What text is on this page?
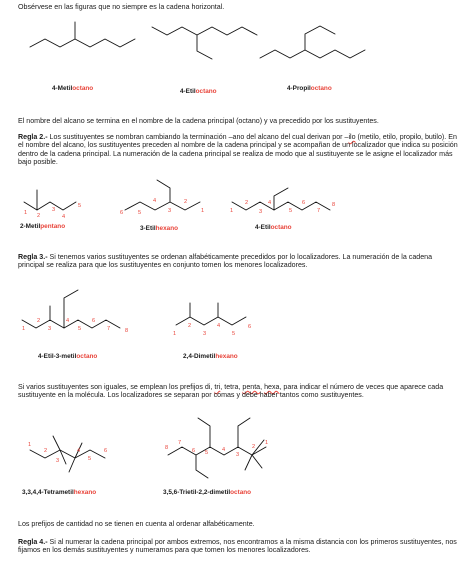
Obsérvese en las figuras que no siempre es la cadena horizontal.

4-Metiloctano	4-Etiloctano	4-Propiloctano

El nombre del alcano se termina en el nombre de la cadena principal (octano) y va precedido por los sustituyentes.

Regla 2.- Los sustituyentes se nombran cambiando la terminación –ano del alcano del cual derivan por –ilo (metilo, etilo, propilo, butilo). En el nombre del alcano, los sustituyentes preceden al nombre de la cadena principal y se acompañan de un localizador que indica su posición dentro de la cadena principal. La numeración de la cadena principal se realiza de modo que al sustituyente se le asigne el localizador más bajo posible.

1 2
3
4
5
6	5
4
3
2
1	1
2
3
4
5
6
7
8
2-Metilpentano	3-Etilhexano	4-Etiloctano

Regla 3.- Si tenemos varios sustituyentes se ordenan alfabéticamente precedidos por lo localizadores. La numeración de la cadena principal se realiza para que los sustituyentes en conjunto tomen los menores localizadores.

1
2
3
4
5
6
7	8	1
2
3
4
5
6
4-Etil-3-metiloctano	2,4-Dimetilhexano

Si varios sustituyentes son iguales, se emplean los prefijos di, tri, tetra, penta, hexa, para indicar el número de veces que aparece cada sustituyente en la molécula. Los localizadores se separan por comas y debe haber tantos como sustituyentes.

1
2
3
4
5
6	8
7
6 5 4
3
2
1
3,3,4,4-Tetrametilhexano	3,5,6-Trietil-2,2-dimetiloctano

Los prefijos de cantidad no se tienen en cuenta al ordenar alfabéticamente.

Regla 4.- Si al numerar la cadena principal por ambos extremos, nos encontramos a la misma distancia con los primeros sustituyentes, nos fijamos en los demás sustituyentes y numeramos para que tomen los menores localizadores.
